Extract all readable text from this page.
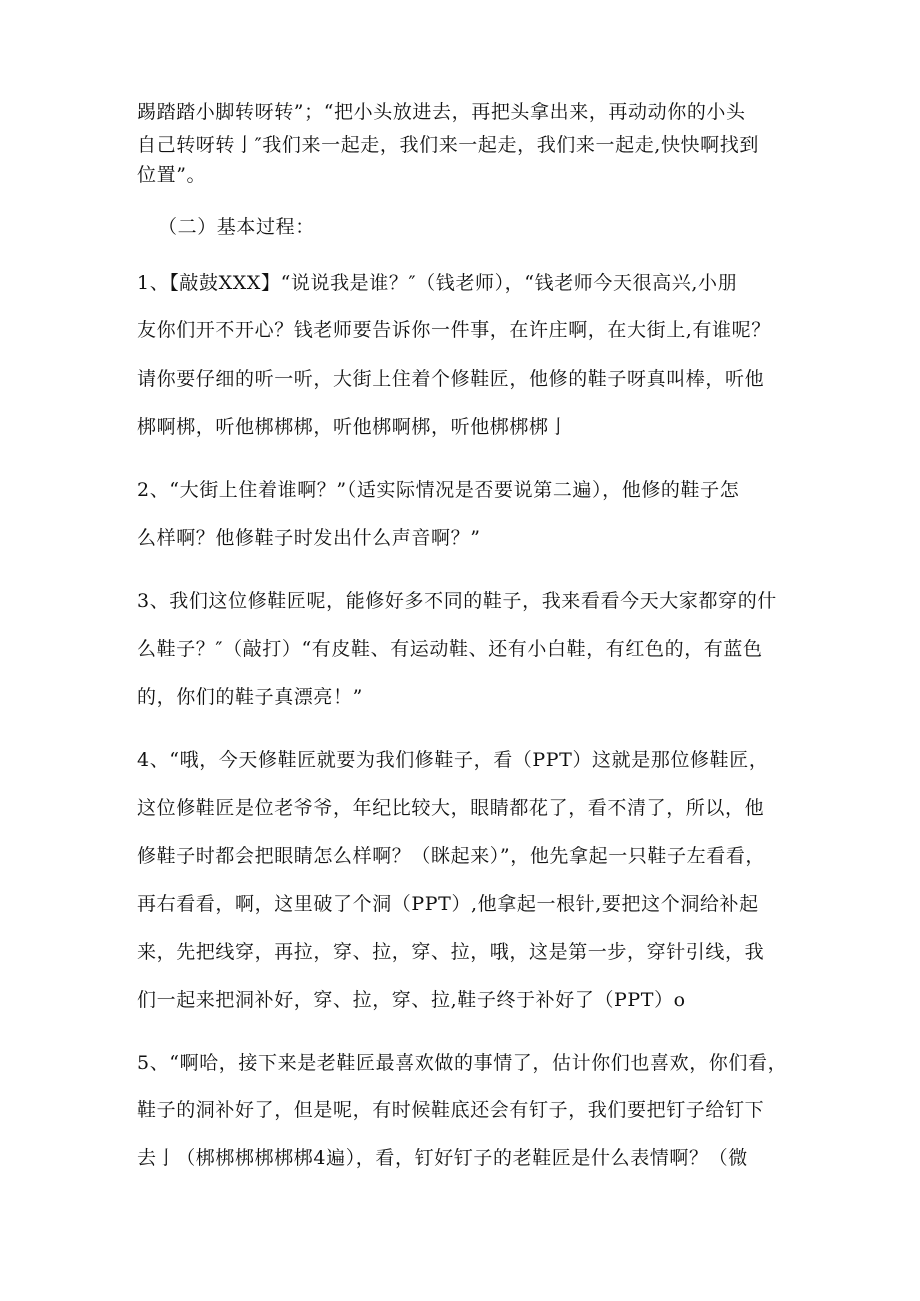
踢踏踏小脚转呀转”；“把小头放进去，再把头拿出来，再动动你的小头
自己转呀转亅″我们来一起走，我们来一起走，我们来一起走,快快啊找到
位置”。
（二）基本过程：
1、【敲鼓XXX】“说说我是谁？″（钱老师），“钱老师今天很高兴,小朋
友你们开不开心？钱老师要告诉你一件事，在许庄啊，在大街上,有谁呢？
请你要仔细的听一听，大街上住着个修鞋匠，他修的鞋子呀真叫棒，听他
梆啊梆，听他梆梆梆，听他梆啊梆，听他梆梆梆亅
2、“大街上住着谁啊？”（适实际情况是否要说第二遍），他修的鞋子怎
么样啊？他修鞋子时发出什么声音啊？”
3、我们这位修鞋匠呢，能修好多不同的鞋子，我来看看今天大家都穿的什
么鞋子？″（敲打）“有皮鞋、有运动鞋、还有小白鞋，有红色的，有蓝色
的，你们的鞋子真漂亮！”
4、“哦，今天修鞋匠就要为我们修鞋子，看（PPT）这就是那位修鞋匠，
这位修鞋匠是位老爷爷，年纪比较大，眼睛都花了，看不清了，所以，他
修鞋子时都会把眼睛怎么样啊？（眯起来）”，他先拿起一只鞋子左看看，
再右看看，啊，这里破了个洞（PPT）,他拿起一根针,要把这个洞给补起
来，先把线穿，再拉，穿、拉，穿、拉，哦，这是第一步，穿针引线，我
们一起来把洞补好，穿、拉，穿、拉,鞋子终于补好了（PPT）o
5、“啊哈，接下来是老鞋匠最喜欢做的事情了，估计你们也喜欢，你们看，
鞋子的洞补好了，但是呢，有时候鞋底还会有钉子，我们要把钉子给钉下
去亅（梆梆梆梆梆梆4遍），看，钉好钉子的老鞋匠是什么表情啊？（微
